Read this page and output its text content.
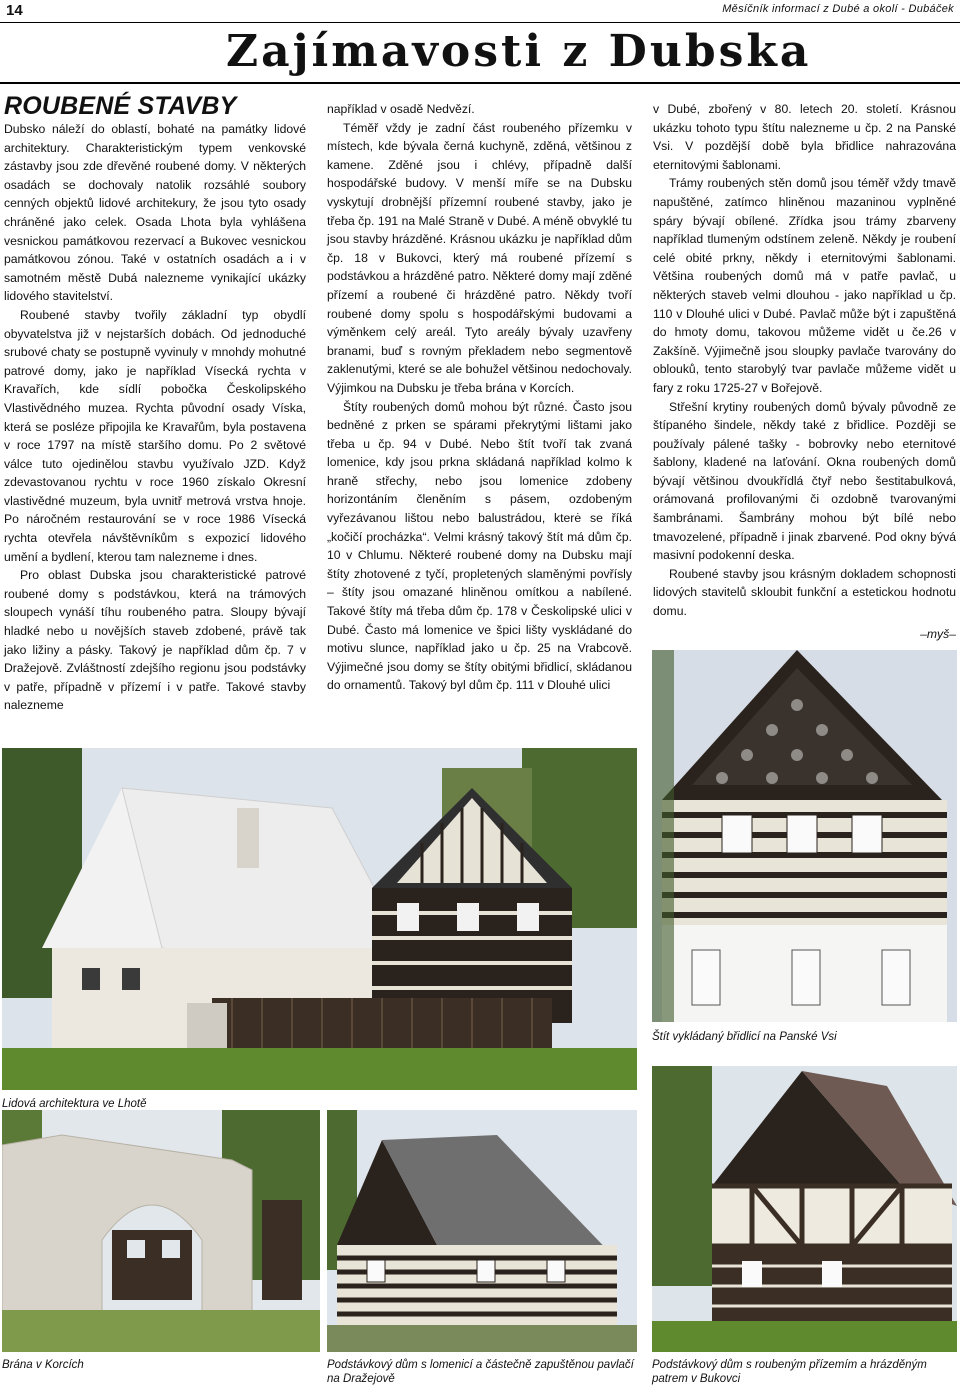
14	Měsíčník informací z Dubé a okolí - Dubáček
Zajímavosti z Dubska
ROUBENÉ STAVBY

Dubsko náleží do oblastí, bohaté na památky lidové architektury. Charakteristickým typem venkovské zástavby jsou zde dřevěné roubené domy. V některých osadách se dochovaly natolik rozsáhlé soubory cenných objektů lidové architekury, že jsou tyto osady chráněné jako celek. Osada Lhota byla vyhlášena vesnickou památkovou rezervací a Bukovec vesnickou památkovou zónou. Také v ostatních osadách a i v samotném městě Dubá nalezneme vynikající ukázky lidového stavitelství.

Roubené stavby tvořily základní typ obydlí obyvatelstva již v nejstarších dobách. Od jednoduché srubové chaty se postupně vyvinuly v mnohdy mohutné patrové domy, jako je například Vísecká rychta v Kravařích, kde sídlí pobočka Českolipského Vlastivědného muzea. Rychta původní osady Víska, která se posléze připojila ke Kravařům, byla postavena v roce 1797 na místě staršího domu. Po 2 světové válce tuto ojedinělou stavbu využívalo JZD. Když zdevastovanou rychtu v roce 1960 získalo Okresní vlastivědné muzeum, byla uvnitř metrová vrstva hnoje. Po náročném restaurování se v roce 1986 Vísecká rychta otevřela návštěvníkům s expozicí lidového umění a bydlení, kterou tam nalezneme i dnes.

Pro oblast Dubska jsou charakteristické patrové roubené domy s podstávkou, která na trámových sloupech vynáší tíhu roubeného patra. Sloupy bývají hladké nebo u novějších staveb zdobené, právě tak jako ližiny a pásky. Takový je například dům čp. 7 v Dražejově. Zvláštností zdejšího regionu jsou podstávky v patře, případně v přízemí i v patře. Takové stavby nalezneme

například v osadě Nedvězí.

Téměř vždy je zadní část roubeného přízemku v místech, kde bývala černá kuchyně, zděná, většinou z kamene. Zděné jsou i chlévy, případně další hospodářské budovy. V menší míře se na Dubsku vyskytují drobnější přízemní roubené stavby, jako je třeba čp. 191 na Malé Straně v Dubé. A méně obvyklé tu jsou stavby hrázděné. Krásnou ukázku je například dům čp. 18 v Bukovci, který má roubené přízemí s podstávkou a hrázděné patro. Některé domy mají zděné přízemí a roubené či hrázděné patro. Někdy tvoří roubené domy spolu s hospodářskými budovami a výměnkem celý areál. Tyto areály bývaly uzavřeny branami, buď s rovným překladem nebo segmentově zaklenutými, které se ale bohužel většinou nedochovaly. Výjimkou na Dubsku je třeba brána v Korcích.

Štíty roubených domů mohou být různé. Často jsou bedněné z prken se spárami překrytými lištami jako třeba u čp. 94 v Dubé. Nebo štít tvoří tak zvaná lomenice, kdy jsou prkna skládaná například kolmo k hraně střechy, nebo jsou lomenice zdobeny horizontáním členěním s pásem, ozdobeným vyřezávanou lištou nebo balustrádou, kterė se říká „kočičí procházka“. Velmi krásný takový štít má dům čp. 10 v Chlumu. Některé roubené domy na Dubsku mají štíty zhotovené z tyčí, propletených slaměnými povřísly – štíty jsou omazané hliněnou omítkou a nabílené. Takové štíty má třeba dům čp. 178 v Českolipské ulici v Dubé. Často má lomenice ve špici lišty vyskládané do motivu slunce, například jako u čp. 25 na Vrabcově. Výjimečné jsou domy se štíty obitými břidlicí, skládanou do ornamentů. Takový byl dům čp. 111 v Dlouhé ulici

v Dubé, zbořený v 80. letech 20. století. Krásnou ukázku tohoto typu štítu nalezneme u čp. 2 na Panské Vsi. V pozdější době byla břidlice nahrazována eternitovými šablonami.

Trámy roubených stěn domů jsou téměř vždy tmavě napuštěné, zatímco hliněnou mazaninou vyplněné spáry bývají obílené. Zřídka jsou trámy zbarveny například tlumeným odstínem zeleně. Někdy je roubení celé obité prkny, někdy i eternitovými šablonami. Většina roubených domů má v patře pavlač, u některých staveb velmi dlouhou - jako například u čp. 110 v Dlouhé ulici v Dubé. Pavlač může být i zapuštěná do hmoty domu, takovou můžeme vidět u če.26 v Zakšíně. Výjimečně jsou sloupky pavlače tvarovány do oblouků, tento starobylý tvar pavlače můžeme vidět u fary z roku 1725-27 v Bořejově.

Střešní krytiny roubených domů bývaly původně ze štípaného šindele, někdy také z břidlice. Později se používaly pálené tašky - bobrovky nebo eternitové šablony, kladené na laťování. Okna roubených domů bývají většinou dvoukřídlá čtyř nebo šestitabulková, orámovaná profilovanými či ozdobně tvarovanými šambránami. Šambrány mohou být bílé nebo tmavozelené, případně i jinak zbarvené. Pod okny bývá masivní podokenní deska.

Roubené stavby jsou krásným dokladem schopnosti lidových stavitelů skloubit funkční a estetickou hodnotu domu.

–myš–

Lidová architektura ve Lhotě
Štít vykládaný břidlicí na Panské Vsi
Brána v Korcích	Podstávkový dům s lomenicí a částečně zapuštěnou pavlačí na Dražejově
Podstávkový dům s roubeným přízemím a hrázděným patrem v Bukovci
